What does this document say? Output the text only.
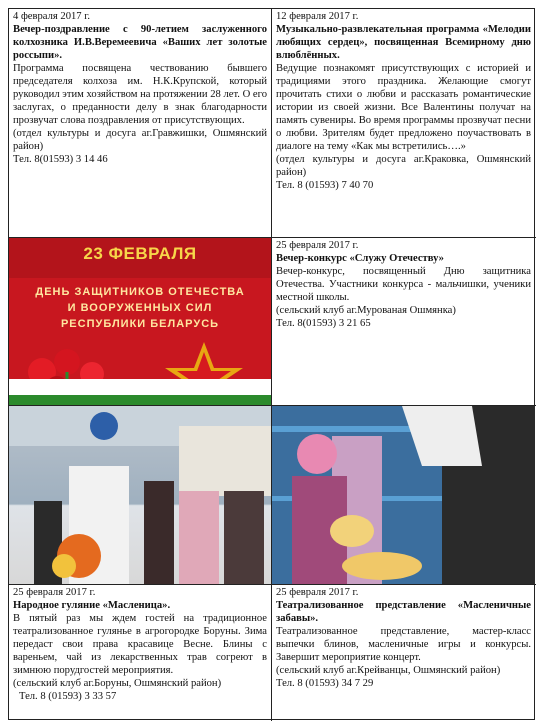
4 февраля 2017 г.
Вечер-поздравление с 90-летием заслуженного колхозника И.В.Веремеевича «Ваших лет золотые россыпи».
Программа посвящена чествованию бывшего председателя колхоза им. Н.К.Крупской, который руководил этим хозяйством на протяжении 28 лет. О его заслугах, о преданности делу в знак благодарности прозвучат слова поздравления от присутствующих.
(отдел культуры и досуга аг.Гравжишки, Ошмянский район)
Тел. 8(01593) 3 14 46
12 февраля 2017 г.
Музыкально-развлекательная программа «Мелодии любящих сердец», посвященная Всемирному дню влюблённых.
Ведущие познакомят присутствующих с историей и традициями этого праздника. Желающие смогут прочитать стихи о любви и рассказать романтические истории из своей жизни. Все Валентины получат на память сувениры. Во время программы прозвучат песни о любви. Зрителям будет предложено поучаствовать в диалоге на тему «Как мы встретились….»
(отдел культуры и досуга аг.Краковка, Ошмянский район)
Тел. 8 (01593) 7 40 70
23 ФЕВРАЛЯ
ДЕНЬ ЗАЩИТНИКОВ ОТЕЧЕСТВА
И ВООРУЖЕННЫХ СИЛ
РЕСПУБЛИКИ БЕЛАРУСЬ
25 февраля 2017 г.
Вечер-конкурс «Служу Отечеству»
Вечер-конкурс, посвященный Дню защитника Отечества. Участники конкурса - мальчишки, ученики местной школы.
(сельский клуб аг.Мурованая Ошмянка)
Тел. 8(01593) 3 21 65
25 февраля 2017 г.
Народное гуляние «Масленица».
В пятый раз мы ждем гостей на традиционное театрализованное гулянье в агрогородке Боруны. Зима передаст свои права красавице Весне. Блины с вареньем, чай из лекарственных трав согреют в зимнюю порудгостей мероприятия.
(сельский клуб аг.Боруны, Ошмянский район)
Тел. 8 (01593) 3 33 57
25 февраля 2017 г.
Театрализованное представление «Масленичные забавы».
Театрализованное представление, мастер-класс выпечки блинов, масленичные игры и конкурсы. Завершит мероприятие концерт.
(сельский клуб аг.Крейванцы, Ошмянский район)
Тел. 8 (01593) 34 7 29
